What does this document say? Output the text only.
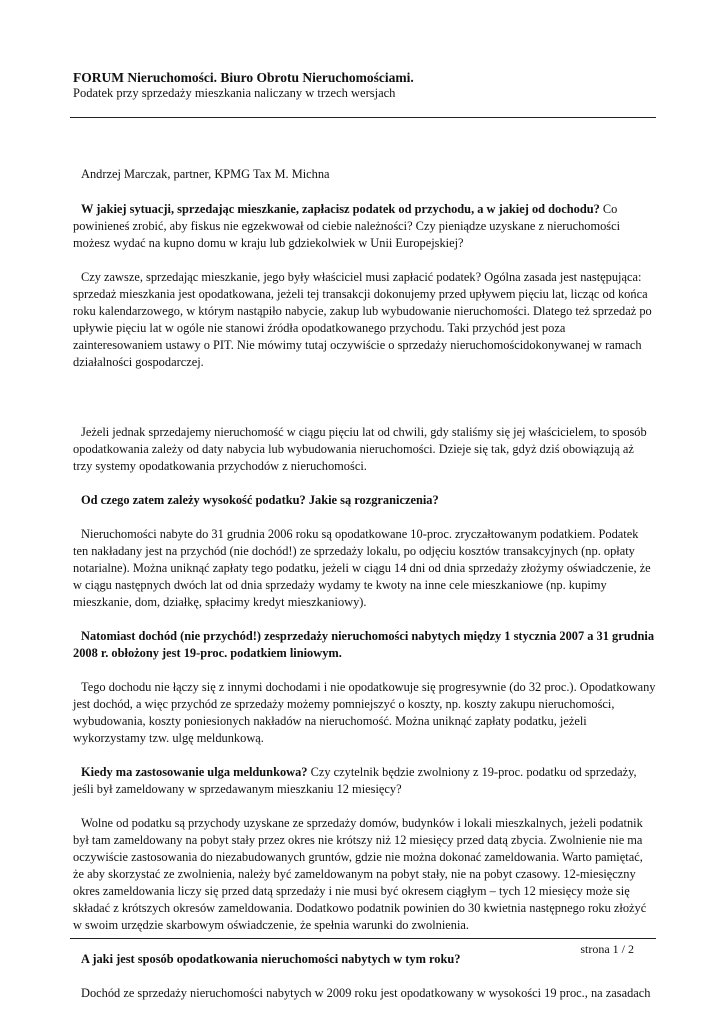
FORUM Nieruchomości. Biuro Obrotu Nieruchomościami.

Podatek przy sprzedaży mieszkania naliczany w trzech wersjach

Andrzej Marczak, partner, KPMG Tax M. Michna

W jakiej sytuacji, sprzedając mieszkanie, zapłacisz podatek od przychodu, a w jakiej od dochodu? Co powinieneś zrobić, aby fiskus nie egzekwował od ciebie należności? Czy pieniądze uzyskane z nieruchomości możesz wydać na kupno domu w kraju lub gdziekolwiek w Unii Europejskiej?

Czy zawsze, sprzedając mieszkanie, jego były właściciel musi zapłacić podatek? Ogólna zasada jest następująca: sprzedaż mieszkania jest opodatkowana, jeżeli tej transakcji dokonujemy przed upływem pięciu lat, licząc od końca roku kalendarzowego, w którym nastąpiło nabycie, zakup lub wybudowanie nieruchomości. Dlatego też sprzedaż po upływie pięciu lat w ogóle nie stanowi źródła opodatkowanego przychodu. Taki przychód jest poza zainteresowaniem ustawy o PIT. Nie mówimy tutaj oczywiście o sprzedaży nieruchomościdokonywanej w ramach działalności gospodarczej.

Jeżeli jednak sprzedajemy nieruchomość w ciągu pięciu lat od chwili, gdy staliśmy się jej właścicielem, to sposób opodatkowania zależy od daty nabycia lub wybudowania nieruchomości. Dzieje się tak, gdyż dziś obowiązują aż trzy systemy opodatkowania przychodów z nieruchomości.

Od czego zatem zależy wysokość podatku? Jakie są rozgraniczenia?

Nieruchomości nabyte do 31 grudnia 2006 roku są opodatkowane 10-proc. zryczałtowanym podatkiem. Podatek ten nakładany jest na przychód (nie dochód!) ze sprzedaży lokalu, po odjęciu kosztów transakcyjnych (np. opłaty notarialne). Można uniknąć zapłaty tego podatku, jeżeli w ciągu 14 dni od dnia sprzedaży złożymy oświadczenie, że w ciągu następnych dwóch lat od dnia sprzedaży wydamy te kwoty na inne cele mieszkaniowe (np. kupimy mieszkanie, dom, działkę, spłacimy kredyt mieszkaniowy).

Natomiast dochód (nie przychód!) zesprzedaży nieruchomości nabytych między 1 stycznia 2007 a 31 grudnia 2008 r. obłożony jest 19-proc. podatkiem liniowym.

Tego dochodu nie łączy się z innymi dochodami i nie opodatkowuje się progresywnie (do 32 proc.). Opodatkowany jest dochód, a więc przychód ze sprzedaży możemy pomniejszyć o koszty, np. koszty zakupu nieruchomości, wybudowania, koszty poniesionych nakładów na nieruchomość. Można uniknąć zapłaty podatku, jeżeli wykorzystamy tzw. ulgę meldunkową.

Kiedy ma zastosowanie ulga meldunkowa? Czy czytelnik będzie zwolniony z 19-proc. podatku od sprzedaży, jeśli był zameldowany w sprzedawanym mieszkaniu 12 miesięcy?

Wolne od podatku są przychody uzyskane ze sprzedaży domów, budynków i lokali mieszkalnych, jeżeli podatnik był tam zameldowany na pobyt stały przez okres nie krótszy niż 12 miesięcy przed datą zbycia. Zwolnienie nie ma oczywiście zastosowania do niezabudowanych gruntów, gdzie nie można dokonać zameldowania. Warto pamiętać, że aby skorzystać ze zwolnienia, należy być zameldowanym na pobyt stały, nie na pobyt czasowy. 12-miesięczny okres zameldowania liczy się przed datą sprzedaży i nie musi być okresem ciągłym – tych 12 miesięcy może się składać z krótszych okresów zameldowania. Dodatkowo podatnik powinien do 30 kwietnia następnego roku złożyć w swoim urzędzie skarbowym oświadczenie, że spełnia warunki do zwolnienia.

A jaki jest sposób opodatkowania nieruchomości nabytych w tym roku?

Dochód ze sprzedaży nieruchomości nabytych w 2009 roku jest opodatkowany w wysokości 19 proc., na zasadach

strona 1 / 2
